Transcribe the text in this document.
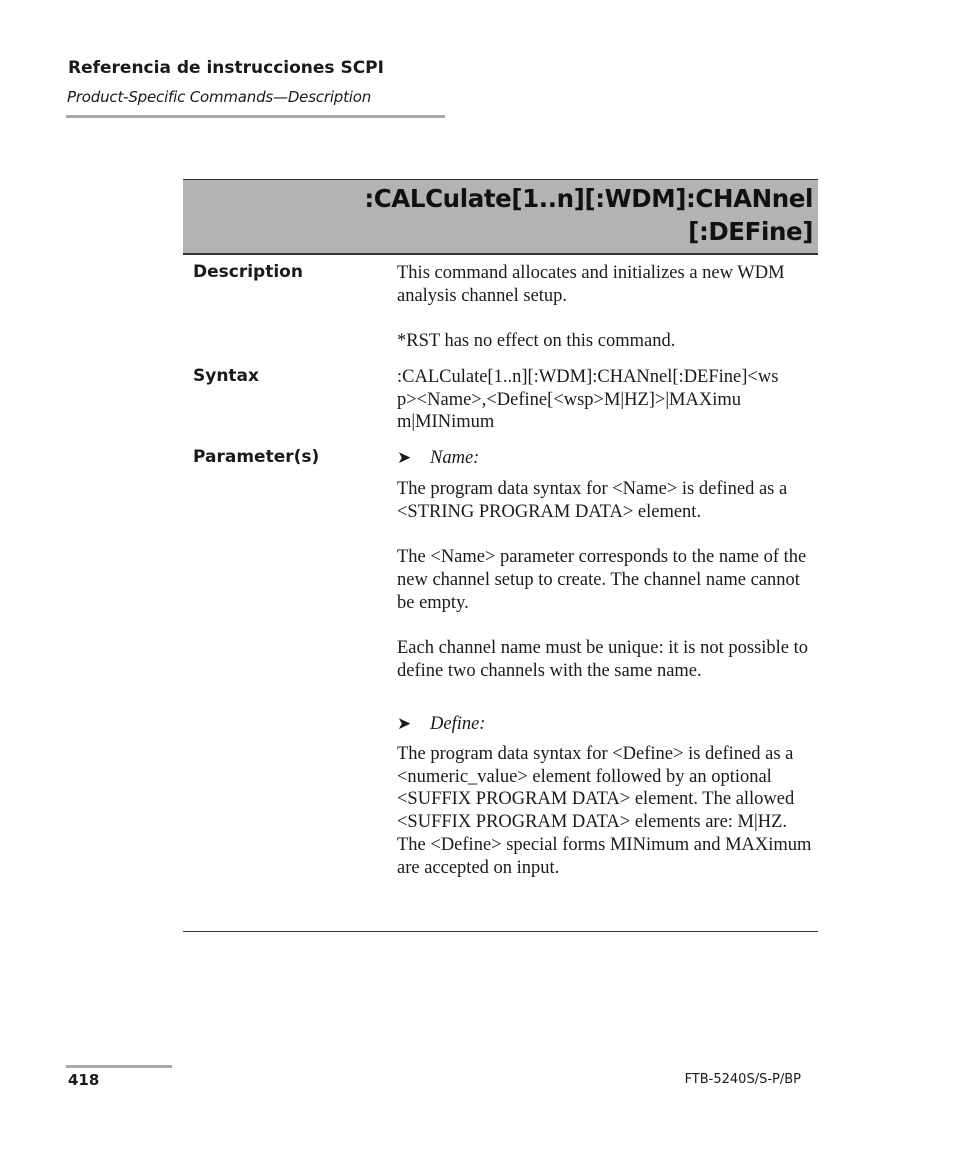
Referencia de instrucciones SCPI
Product-Specific Commands—Description
:CALCulate[1..n][:WDM]:CHANnel
[:DEFine]
Description	This command allocates and initializes a new WDM analysis channel setup.

*RST has no effect on this command.

Syntax	:CALCulate[1..n][:WDM]:CHANnel[:DEFine]<ws

p><Name>,<Define[<wsp>M|HZ]>|MAXimu

m|MINimum

Parameter(s)	➤ Name:

The program data syntax for <Name> is defined as a <STRING PROGRAM DATA> element.

The <Name> parameter corresponds to the name of the new channel setup to create. The channel name cannot be empty.

Each channel name must be unique: it is not possible to define two channels with the same name.

➤ Define:

The program data syntax for <Define> is defined as a <numeric_value> element followed by an optional <SUFFIX PROGRAM DATA> element. The allowed <SUFFIX PROGRAM DATA> elements are: M|HZ. The <Define> special forms MINimum and MAXimum are accepted on input.

418	FTB-5240S/S-P/BP
